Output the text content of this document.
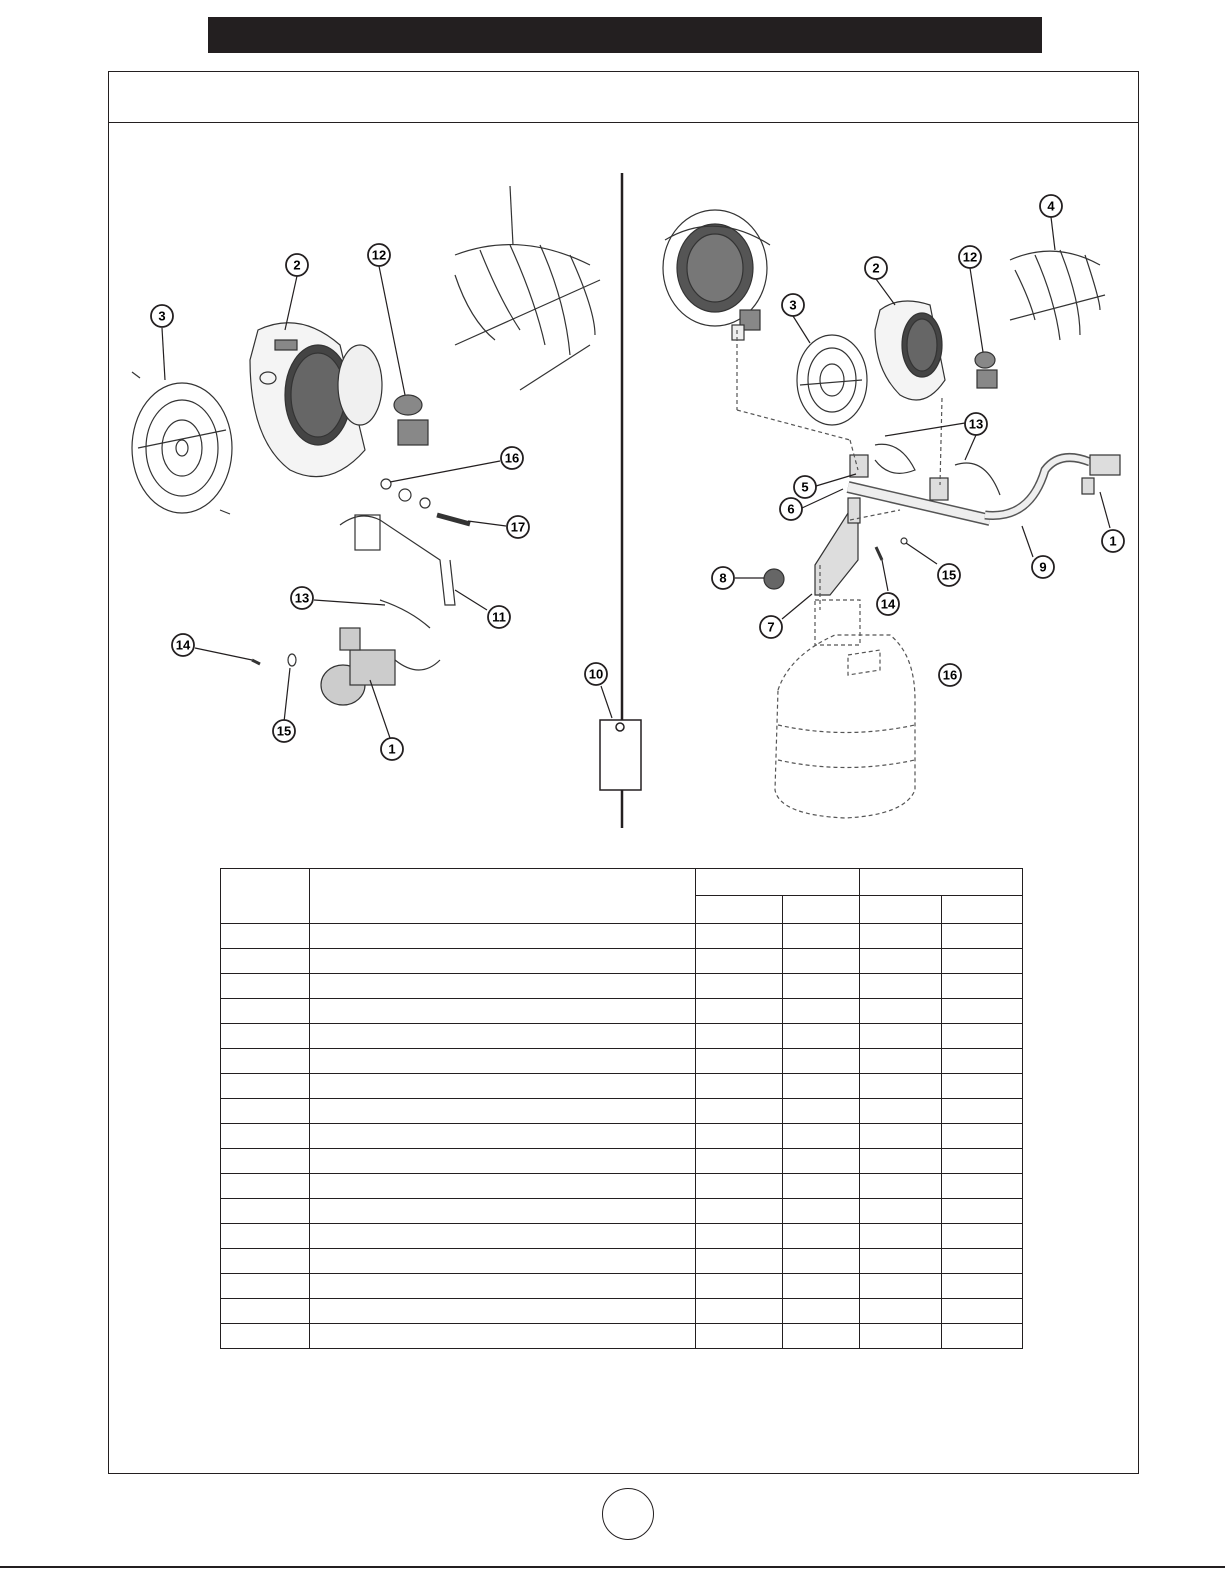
3
2
12
16
17
11
13
14
15
1
10
4
2
12
3
13
5
6
8
7
14
15
9
1
16
